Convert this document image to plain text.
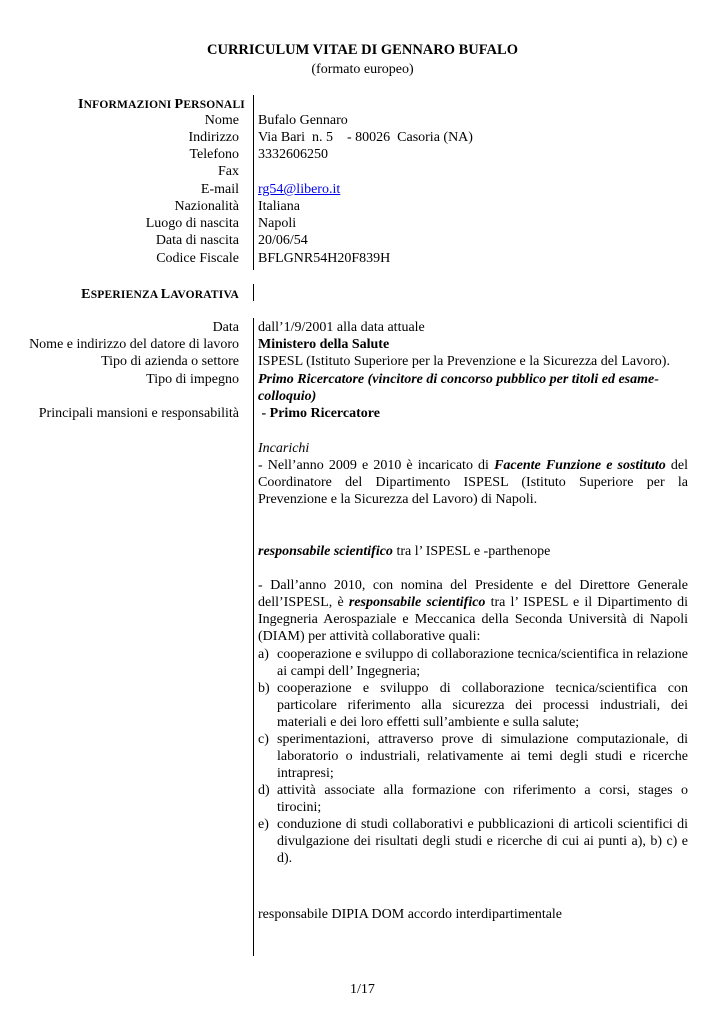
CURRICULUM VITAE DI GENNARO BUFALO
(formato europeo)
INFORMAZIONI PERSONALI
Nome Bufalo Gennaro
Indirizzo Via Bari  n. 5    - 80026  Casoria (NA)
Telefono 3332606250
Fax
E-mail rg54@libero.it
Nazionalità Italiana
Luogo di nascita Napoli
Data di nascita 20/06/54
Codice Fiscale BFLGNR54H20F839H
ESPERIENZA LAVORATIVA
Data dall’1/9/2001 alla data attuale
Nome e indirizzo del datore di lavoro Ministero della Salute
Tipo di azienda o settore ISPESL (Istituto Superiore per la Prevenzione e la Sicurezza del Lavoro).
Tipo di impegno Primo Ricercatore (vincitore di concorso pubblico per titoli ed esame-
colloquio)
Principali mansioni e responsabilità - Primo Ricercatore
Incarichi
- Nell’anno 2009 e 2010 è incaricato di Facente Funzione e sostituto del Coordinatore del Dipartimento ISPESL (Istituto Superiore per la Prevenzione e la Sicurezza del Lavoro) di Napoli.
responsabile scientifico tra l’ ISPESL e -parthenope
- Dall’anno 2010, con nomina del Presidente e del Direttore Generale dell’ISPESL, è responsabile scientifico tra l’ ISPESL e il Dipartimento di Ingegneria Aerospaziale e Meccanica della Seconda Università di Napoli (DIAM) per attività collaborative quali:
a) cooperazione e sviluppo di collaborazione tecnica/scientifica in relazione ai campi dell’ Ingegneria;
b) cooperazione e sviluppo di collaborazione tecnica/scientifica con particolare riferimento alla sicurezza dei processi industriali, dei materiali e dei loro effetti sull’ambiente e sulla salute;
c) sperimentazioni, attraverso prove di simulazione computazionale, di laboratorio o industriali, relativamente ai temi degli studi e ricerche intrapresi;
d) attività associate alla formazione con riferimento a corsi, stages o tirocini;
e) conduzione di studi collaborativi e pubblicazioni di articoli scientifici di divulgazione dei risultati degli studi e ricerche di cui ai punti a), b) c) e d).
responsabile DIPIA DOM accordo interdipartimentale
1/17
